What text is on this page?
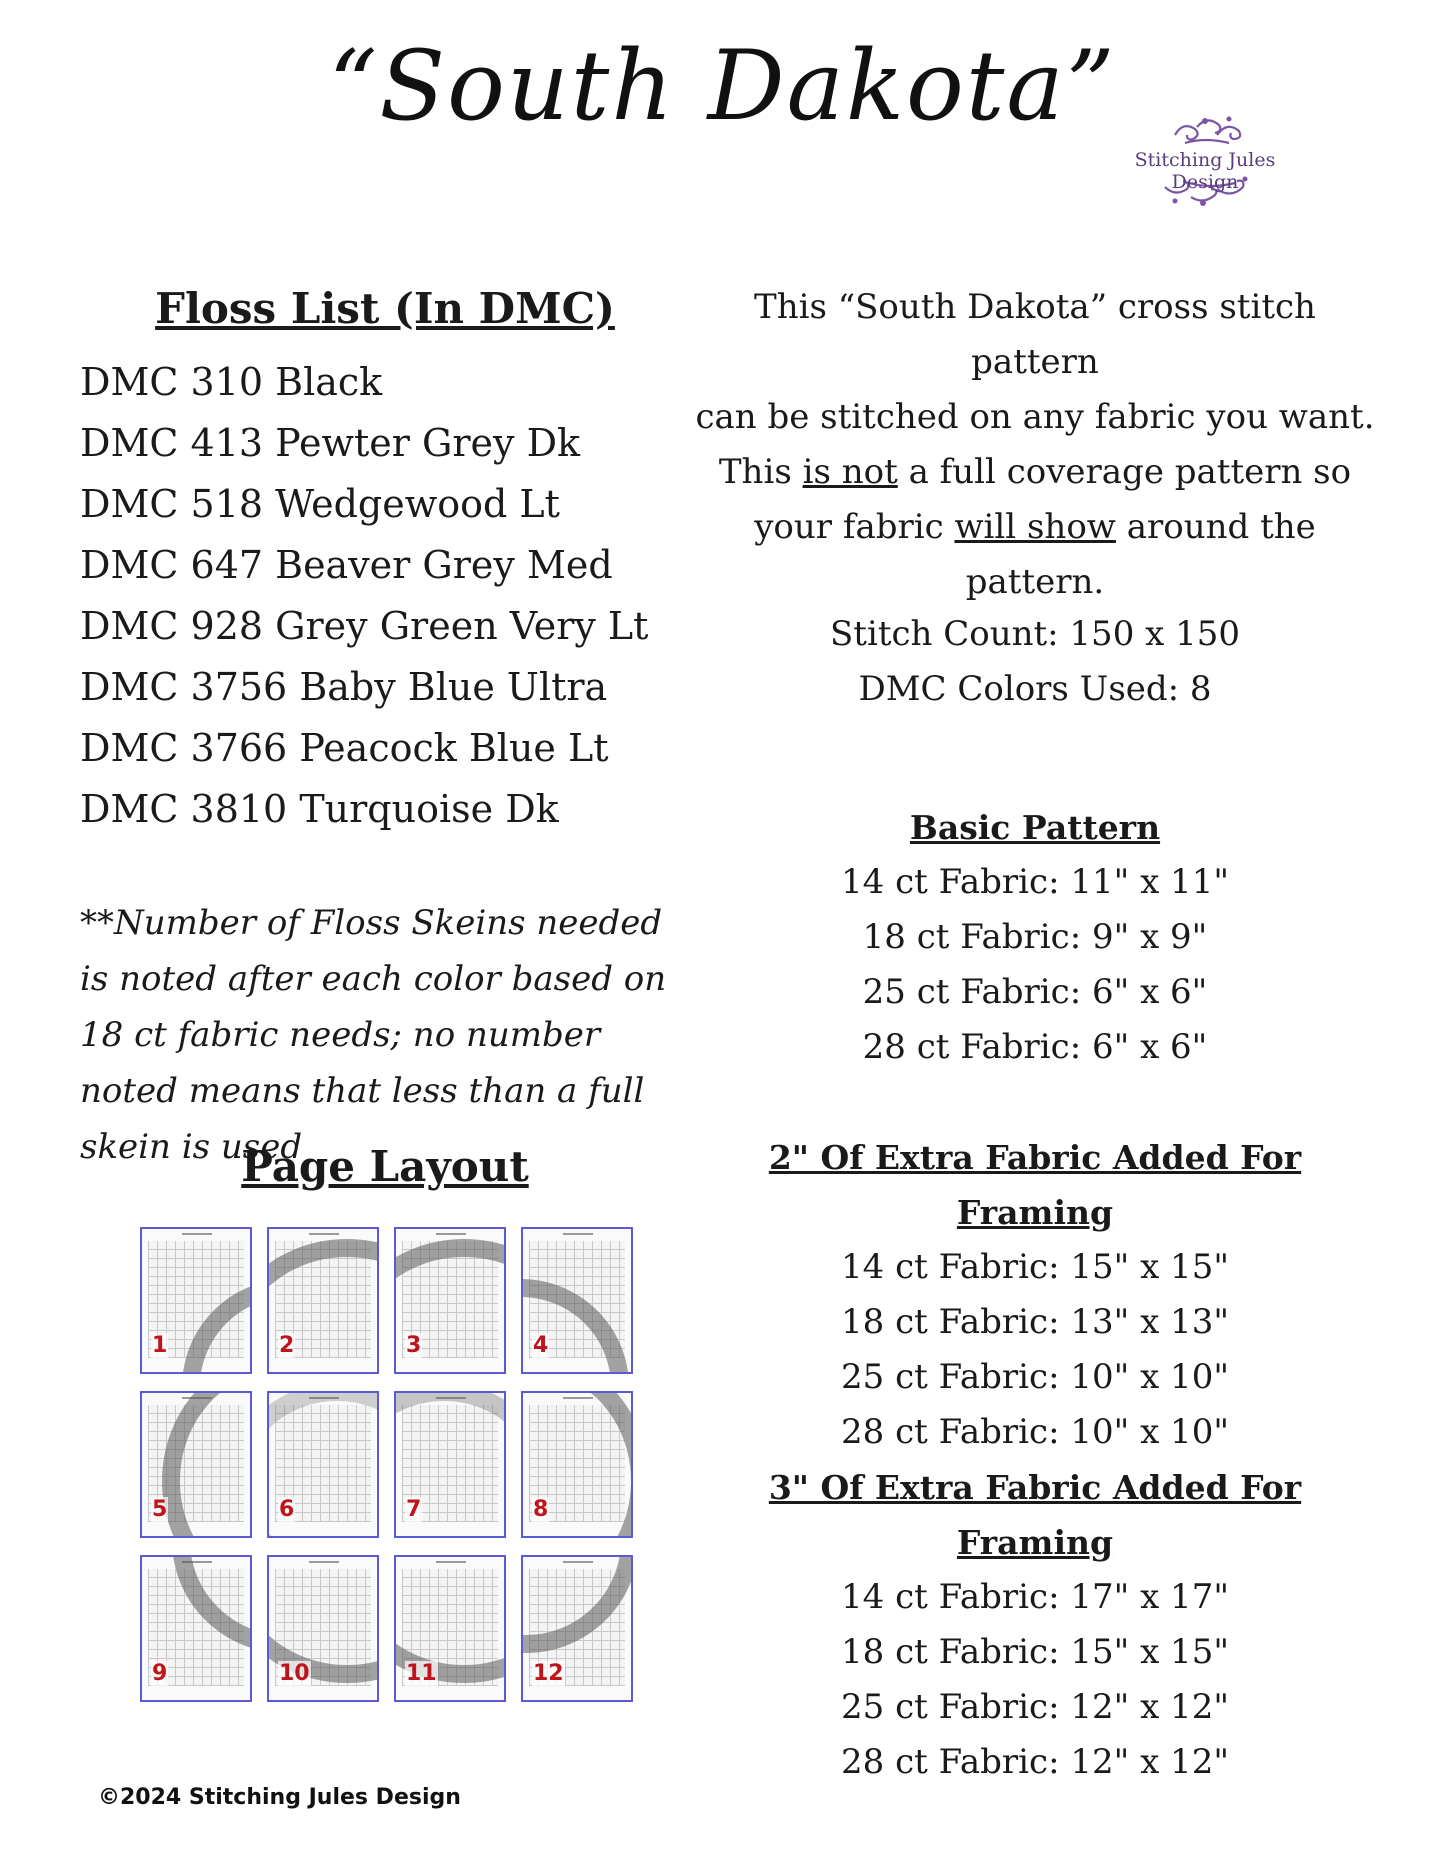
“South Dakota”
Stitching Jules Design
Floss List (In DMC)
DMC 310 Black
DMC 413 Pewter Grey Dk
DMC 518 Wedgewood Lt
DMC 647 Beaver Grey Med
DMC 928 Grey Green Very Lt
DMC 3756 Baby Blue Ultra
DMC 3766 Peacock Blue Lt
DMC 3810 Turquoise Dk
**Number of Floss Skeins needed is noted after each color based on 18 ct fabric needs; no number noted means that less than a full skein is used
Page Layout
1	2	3	4
5	6	7	8
9	10	11	12
This “South Dakota” cross stitch pattern
can be stitched on any fabric you want.
This is not a full coverage pattern so
your fabric will show around the
pattern.
Stitch Count: 150 x 150
DMC Colors Used: 8
Basic Pattern
14 ct Fabric: 11" x 11"
18 ct Fabric: 9" x 9"
25 ct Fabric: 6" x 6"
28 ct Fabric: 6" x 6"
2" Of Extra Fabric Added For Framing
14 ct Fabric: 15" x 15"
18 ct Fabric: 13" x 13"
25 ct Fabric: 10" x 10"
28 ct Fabric: 10" x 10"
3" Of Extra Fabric Added For Framing
14 ct Fabric: 17" x 17"
18 ct Fabric: 15" x 15"
25 ct Fabric: 12" x 12"
28 ct Fabric: 12" x 12"
©2024 Stitching Jules Design
